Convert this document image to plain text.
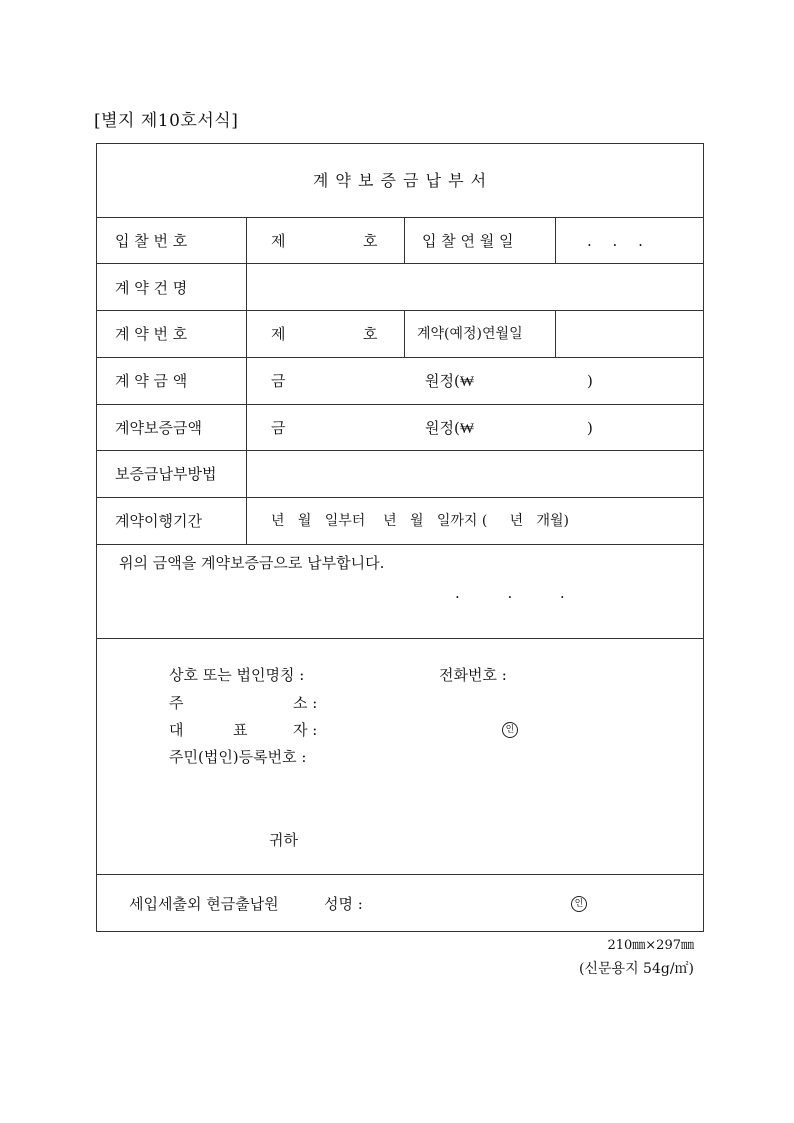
[별지 제10호서식]
계 약 보 증 금 납 부 서
입 찰 번 호	제	호	입 찰 연 월 일	. . .
계 약 건 명
계 약 번 호	제	호	계약(예정)연월일
계 약 금 액	금	원정(₩	)
계약보증금액	금	원정(₩	)
보증금납부방법
계약이행기간	년   월   일부터    년   월   일까지 (     년   개월)
위의 금액을 계약보증금으로 납부합니다.
.          .          .
상호 또는 법인명칭 :	전화번호 :
주	소 :
대	표	자 :	인
주민(법인)등록번호 :
귀하
세입세출외 현금출납원	성명 :	인
210㎜×297㎜
(신문용지 54g/㎡)
